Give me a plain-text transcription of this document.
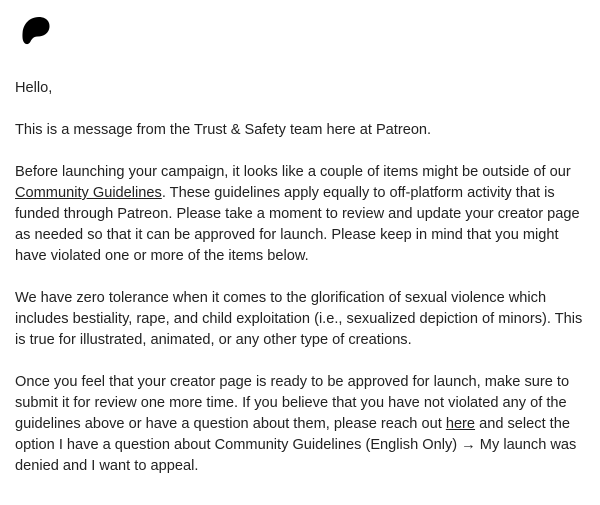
Hello,

This is a message from the Trust & Safety team here at Patreon.

Before launching your campaign, it looks like a couple of items might be outside of our Community Guidelines. These guidelines apply equally to off-platform activity that is funded through Patreon. Please take a moment to review and update your creator page as needed so that it can be approved for launch. Please keep in mind that you might have violated one or more of the items below.

We have zero tolerance when it comes to the glorification of sexual violence which includes bestiality, rape, and child exploitation (i.e., sexualized depiction of minors). This is true for illustrated, animated, or any other type of creations.

Once you feel that your creator page is ready to be approved for launch, make sure to submit it for review one more time. If you believe that you have not violated any of the guidelines above or have a question about them, please reach out here and select the option I have a question about Community Guidelines (English Only) → My launch was denied and I want to appeal.
